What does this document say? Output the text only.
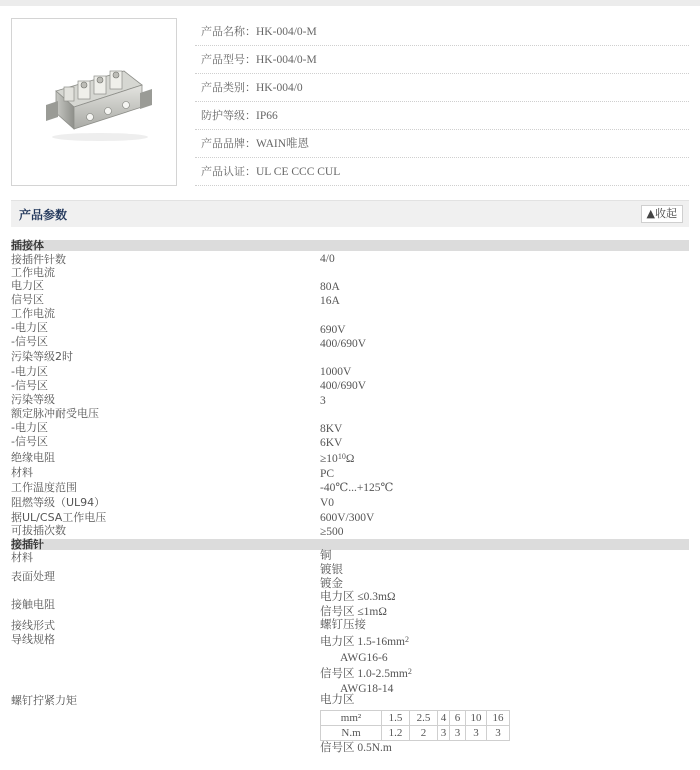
产品名称：HK-004/0-M
产品型号：HK-004/0-M
产品类别：HK-004/0
防护等级：IP66
产品品牌：WAIN唯恩
产品认证：UL CE CCC CUL
产品参数	▲收起
插接体
接插件针数	4/0
工作电流
电力区	80A
信号区	16A
工作电流
-电力区	690V
-信号区	400/690V
污染等级2时
-电力区	1000V
-信号区	400/690V
污染等级	3
额定脉冲耐受电压
-电力区	8KV
-信号区	6KV
绝缘电阻	$\ge 10^{10}\Omega$
材料	PC
工作温度范围	-40℃...+125℃
阻燃等级（UL94）	V0
据UL/CSA工作电压	600V/300V
可拔插次数	≥500
接插针
材料	铜
表面处理	镀银
镀金
接触电阻
电力区 ≤0.3mΩ
信号区 ≤1mΩ
接线形式	螺钉压接
导线规格	电力区 $1.5-16mm^2$
AWG16-6
信号区 $1.0-2.5mm^2$
AWG18-14
螺钉拧紧力矩	电力区
mm²	1.5	2.5	4	6	10	16
N.m	1.2	2	3	3	3	3
信号区 0.5N.m
